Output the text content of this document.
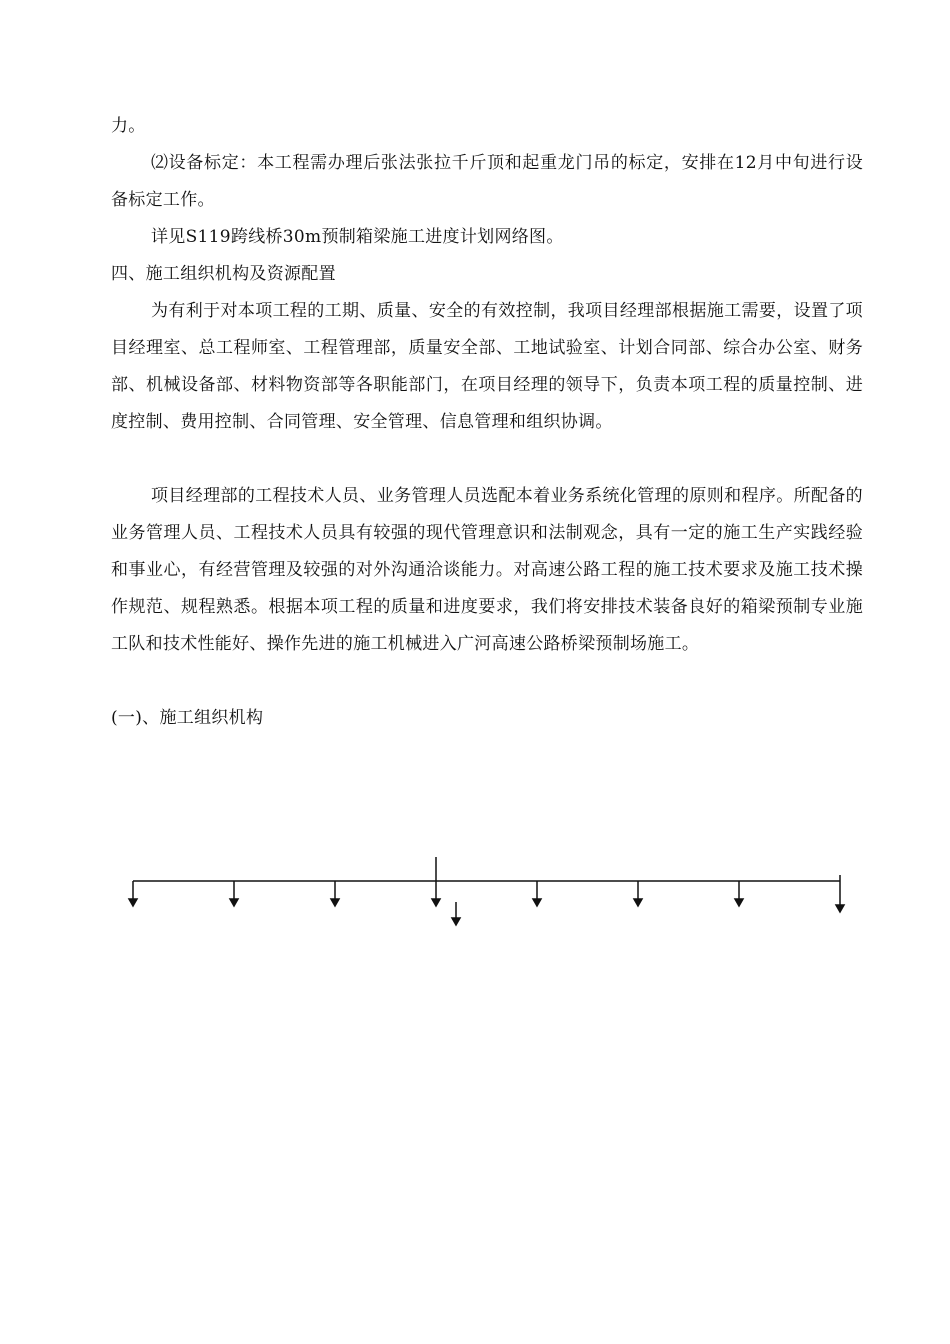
力。

⑵设备标定：本工程需办理后张法张拉千斤顶和起重龙门吊的标定，安排在12月中旬进行设备标定工作。

详见S119跨线桥30m预制箱梁施工进度计划网络图。

四、施工组织机构及资源配置

为有利于对本项工程的工期、质量、安全的有效控制，我项目经理部根据施工需要，设置了项目经理室、总工程师室、工程管理部，质量安全部、工地试验室、计划合同部、综合办公室、财务部、机械设备部、材料物资部等各职能部门，在项目经理的领导下，负责本项工程的质量控制、进度控制、费用控制、合同管理、安全管理、信息管理和组织协调。

项目经理部的工程技术人员、业务管理人员选配本着业务系统化管理的原则和程序。所配备的业务管理人员、工程技术人员具有较强的现代管理意识和法制观念，具有一定的施工生产实践经验和事业心，有经营管理及较强的对外沟通洽谈能力。对高速公路工程的施工技术要求及施工技术操作规范、规程熟悉。根据本项工程的质量和进度要求，我们将安排技术装备良好的箱梁预制专业施工队和技术性能好、操作先进的施工机械进入广河高速公路桥梁预制场施工。

(一)、施工组织机构
